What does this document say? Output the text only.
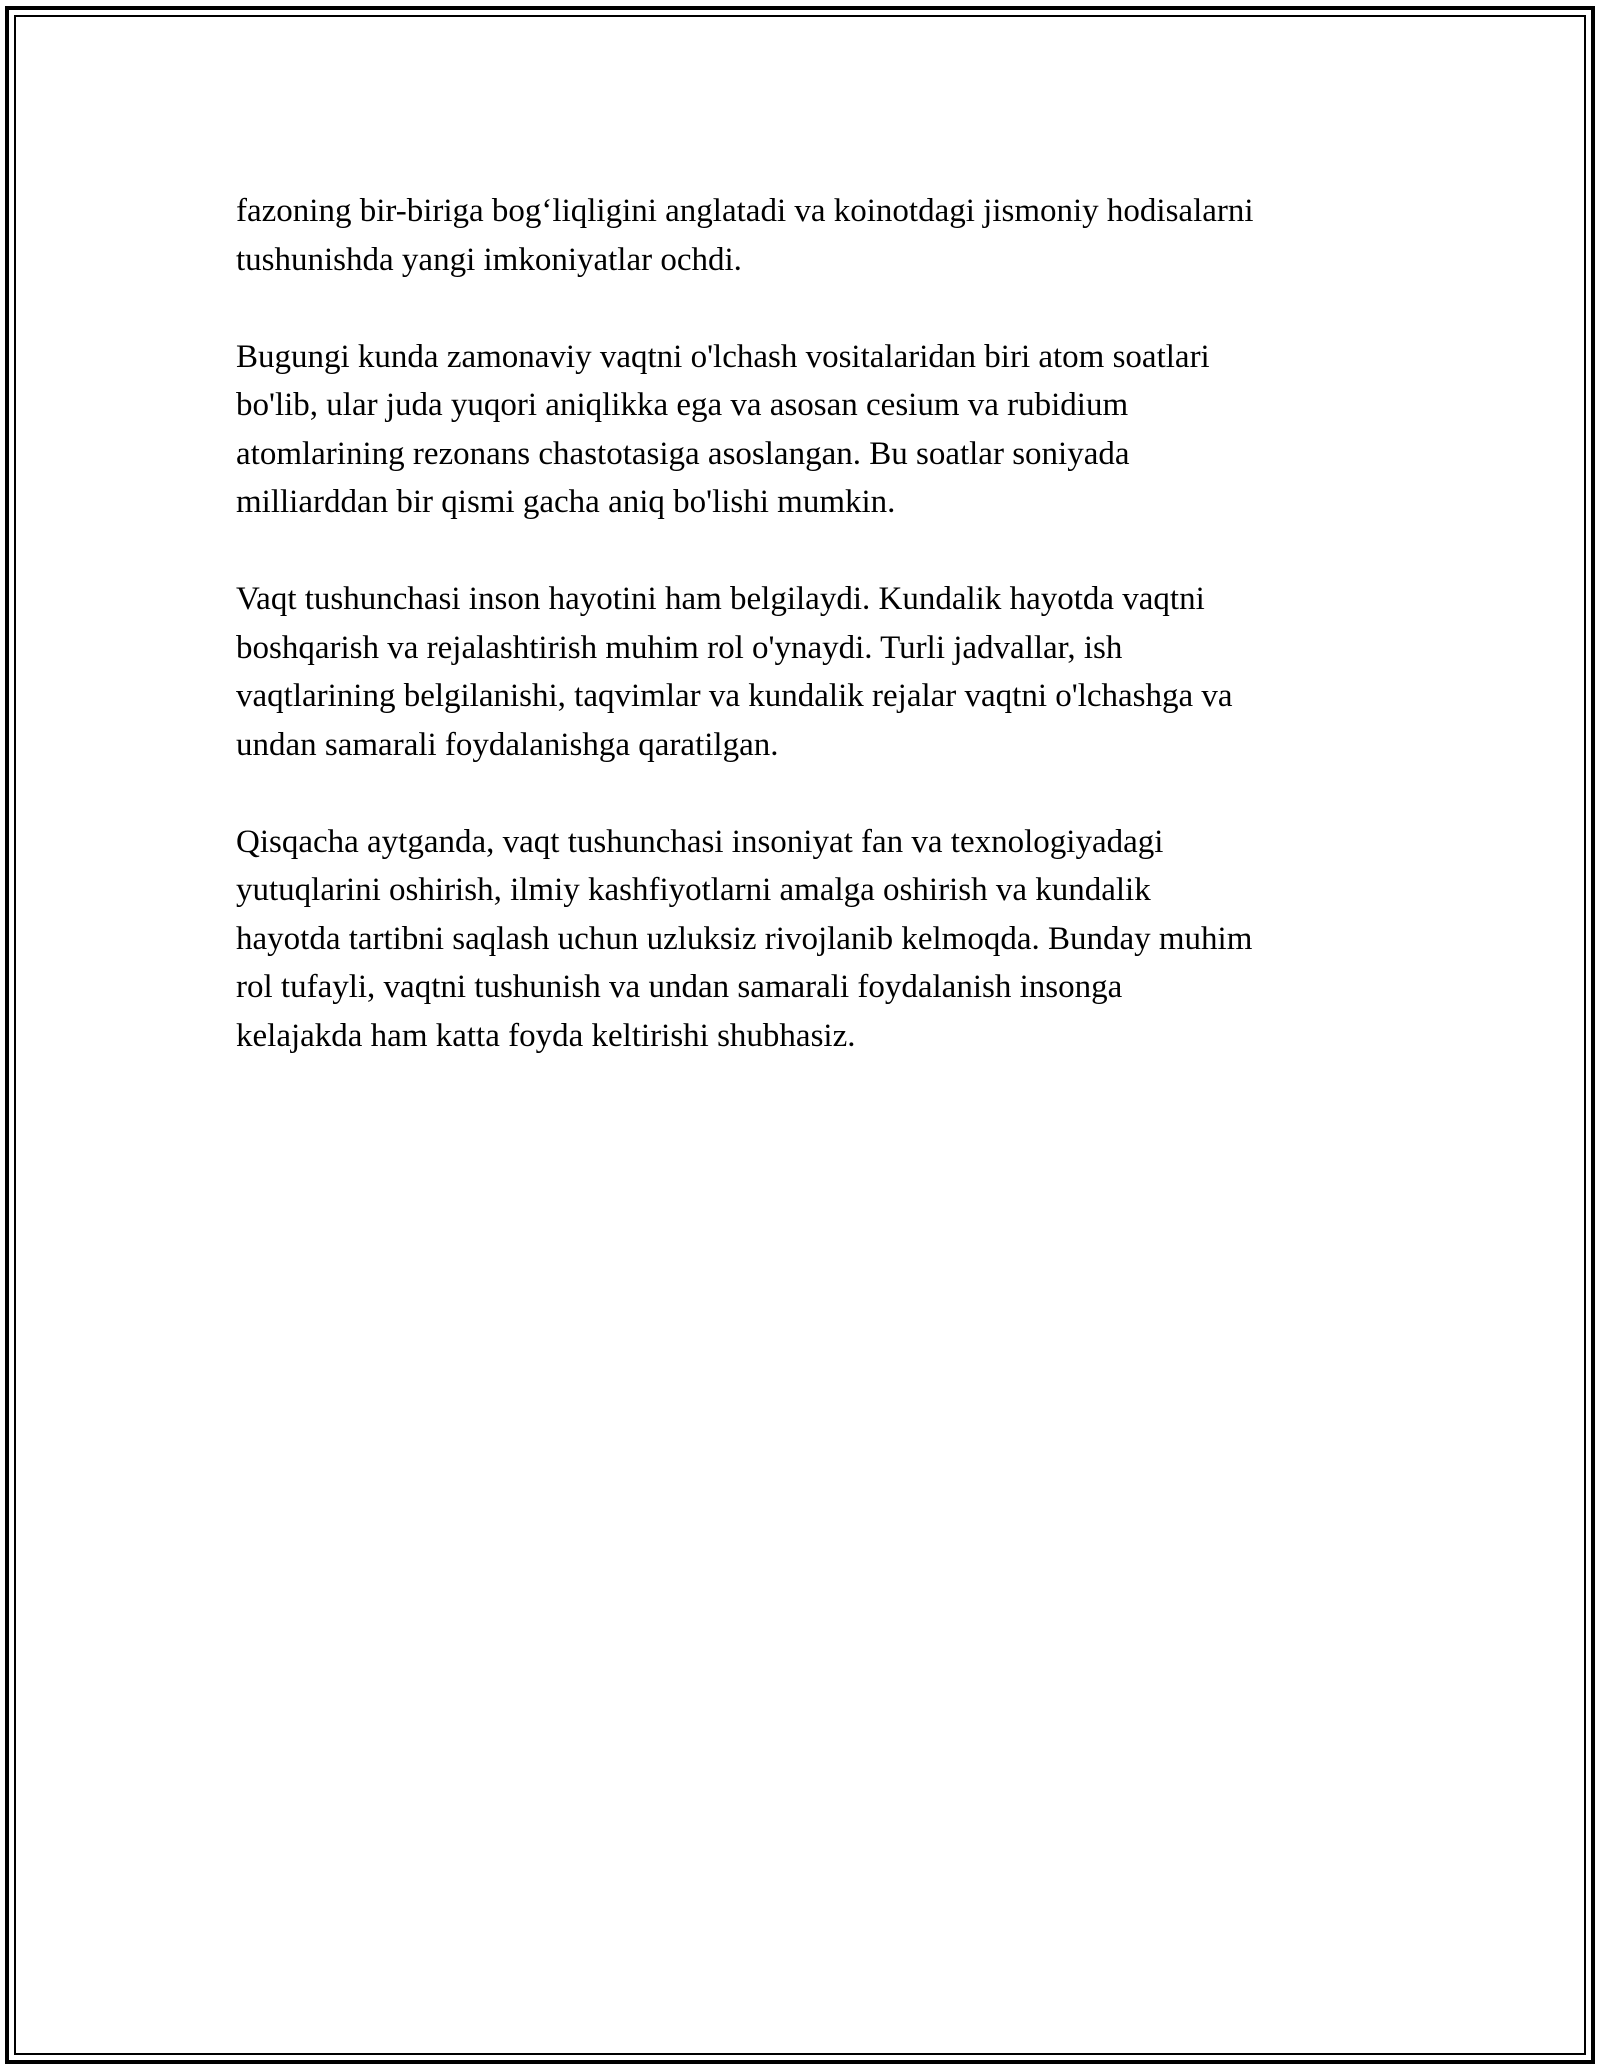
fazoning bir-biriga bog‘liqligini anglatadi va koinotdagi jismoniy hodisalarni
tushunishda yangi imkoniyatlar ochdi.

Bugungi kunda zamonaviy vaqtni o'lchash vositalaridan biri atom soatlari
bo'lib, ular juda yuqori aniqlikka ega va asosan cesium va rubidium
atomlarining rezonans chastotasiga asoslangan. Bu soatlar soniyada
milliarddan bir qismi gacha aniq bo'lishi mumkin.

Vaqt tushunchasi inson hayotini ham belgilaydi. Kundalik hayotda vaqtni
boshqarish va rejalashtirish muhim rol o'ynaydi. Turli jadvallar, ish
vaqtlarining belgilanishi, taqvimlar va kundalik rejalar vaqtni o'lchashga va
undan samarali foydalanishga qaratilgan.

Qisqacha aytganda, vaqt tushunchasi insoniyat fan va texnologiyadagi
yutuqlarini oshirish, ilmiy kashfiyotlarni amalga oshirish va kundalik
hayotda tartibni saqlash uchun uzluksiz rivojlanib kelmoqda. Bunday muhim
rol tufayli, vaqtni tushunish va undan samarali foydalanish insonga
kelajakda ham katta foyda keltirishi shubhasiz.
